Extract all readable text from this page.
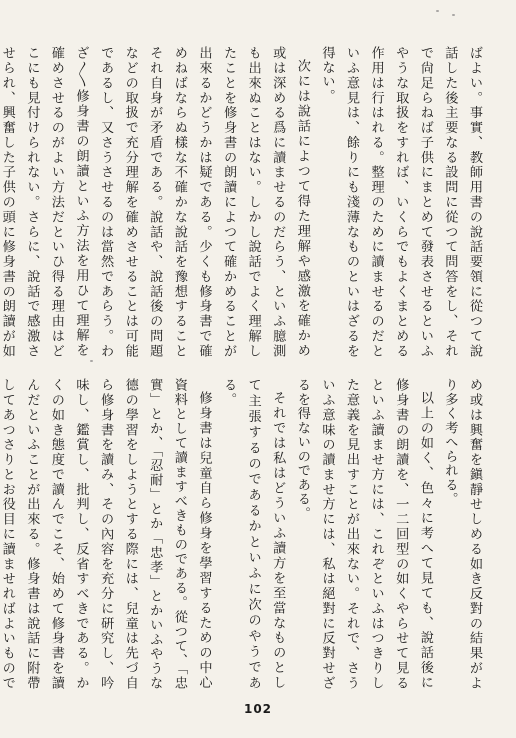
ばよい。事實、教師用書の說話要領に從つて說話した後主要なる設問に從つて問答をし、それで尙足らねば子供にまとめて發表させるといふやうな取扱をすれば、いくらでもよくまとめる作用は行はれる。整理のために讀ませるのだといふ意見は、餘りにも淺薄なものといはざるを得ない。

次には說話によつて得た理解や感激を確かめ或は深める爲に讀ませるのだらう、といふ臆測も出來ぬことはない。しかし說話でよく理解したことを修身書の朗讀によつて確かめることが出來るかどうかは疑である。少くも修身書で確めねばならぬ樣な不確かな說話を豫想することそれ自身が矛盾である。說話や、說話後の問題などの取扱で充分理解を確めさせることは可能であるし、又さうさせるのは當然であらう。わざ〳〵修身書の朗讀といふ方法を用ひて理解を確めさせるのがよい方法だといひ得る理由はどこにも見付けられない。さらに、說話で感激させられ、興奮した子供の頭に修身書の朗讀が如

め或は興奮を鎭靜せしめる如き反對の結果がより多く考へられる。

以上の如く、色々に考へて見ても、說話後に修身書の朗讀を、一二回型の如くやらせて見るといふ讀ませ方には、これぞといふはつきりした意義を見出すことが出來ない。それで、さういふ意味の讀ませ方には、私は絕對に反對せざるを得ないのである。

それでは私はどういふ讀方を至當なものとして主張するのであるかといふに次のやうである。

修身書は兒童自ら修身を學習するための中心資料として讀ますべきものである。從つて、「忠實」とか、「忍耐」とか「忠孝」とかいふやうな德の學習をしようとする際には、兒童は先づ自ら修身書を讀み、その內容を充分に硏究し、吟味し、鑑賞し、批判し、反省すべきである。かくの如き態度で讀んでこそ、始めて修身書を讀んだといふことが出來る。修身書は說話に附帶してあつさりとお役目に讀ませればよいもので

102
